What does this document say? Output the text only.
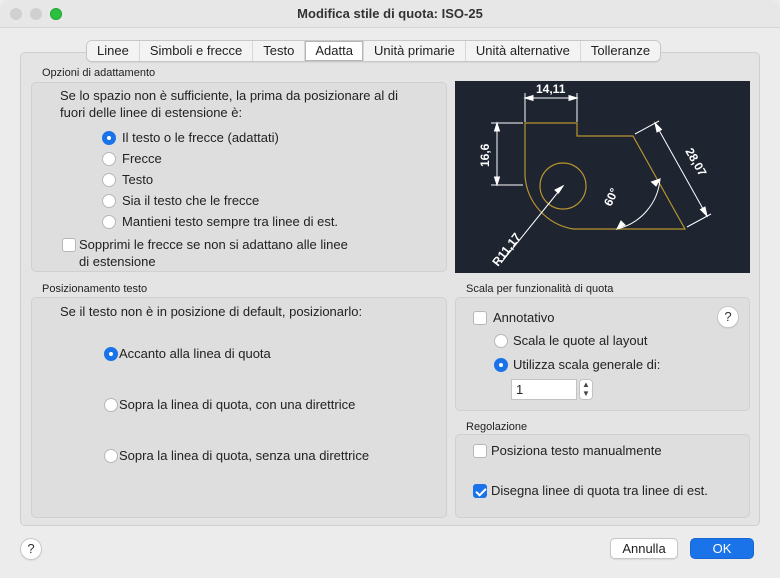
Modifica stile di quota: ISO-25
Linee	Simboli e frecce	Testo	Adatta	Unità primarie	Unità alternative	Tolleranze
Opzioni di adattamento
Se lo spazio non è sufficiente, la prima da posizionare al di
fuori delle linee di estensione è:
Il testo o le frecce (adattati)
Frecce
Testo
Sia il testo che le frecce
Mantieni testo sempre tra linee di est.
Sopprimi le frecce se non si adattano alle linee
di estensione
14,11
16,6	28,07
60°
R11,17
Posizionamento testo
Se il testo non è in posizione di default, posizionarlo:
Accanto alla linea di quota
Sopra la linea di quota, con una direttrice
Sopra la linea di quota, senza una direttrice
Scala per funzionalità di quota
Annotativo	?
Scala le quote al layout
Utilizza scala generale di:
1	▲
▼
Regolazione
Posiziona testo manualmente
Disegna linee di quota tra linee di est.
?	Annulla	OK
